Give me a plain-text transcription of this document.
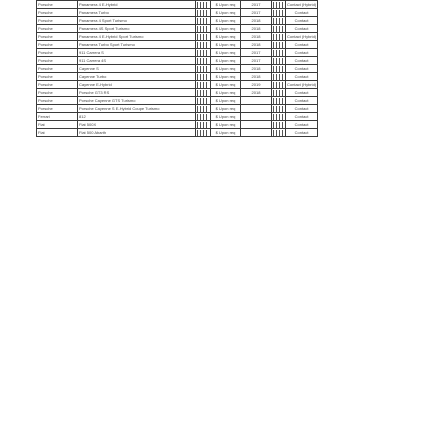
Porsche	Panamera 4 E-Hybrid		$ Upon req	2017		Contact (Hybrid)
Porsche	Panamera Turbo		$ Upon req	2017		Contact
Porsche	Panamera 4 Sport Turismo		$ Upon req	2018		Contact
Porsche	Panamera 4S Sport Turismo		$ Upon req	2018		Contact
Porsche	Panamera 4 E-Hybrid Sport Turismo		$ Upon req	2018		Contact (Hybrid)
Porsche	Panamera Turbo Sport Turismo		$ Upon req	2018		Contact
Porsche	911 Carrera S		$ Upon req	2017		Contact
Porsche	911 Carrera 4S		$ Upon req	2017		Contact
Porsche	Cayenne S		$ Upon req	2018		Contact
Porsche	Cayenne Turbo		$ Upon req	2018		Contact
Porsche	Cayenne E-Hybrid		$ Upon req	2019		Contact (Hybrid)
Porsche	Porsche GT3 RS		$ Upon req	2018		Contact
Porsche	Porsche Cayenne GTS Turismo		$ Upon req			Contact
Porsche	Porsche Cayenne S E-Hybrid Coupe Turismo		$ Upon req			Contact
Ferrari	812		$ Upon req			Contact
Fiat	Fiat 500X		$ Upon req			Contact
Fiat	Fiat 500 Abarth		$ Upon req			Contact
